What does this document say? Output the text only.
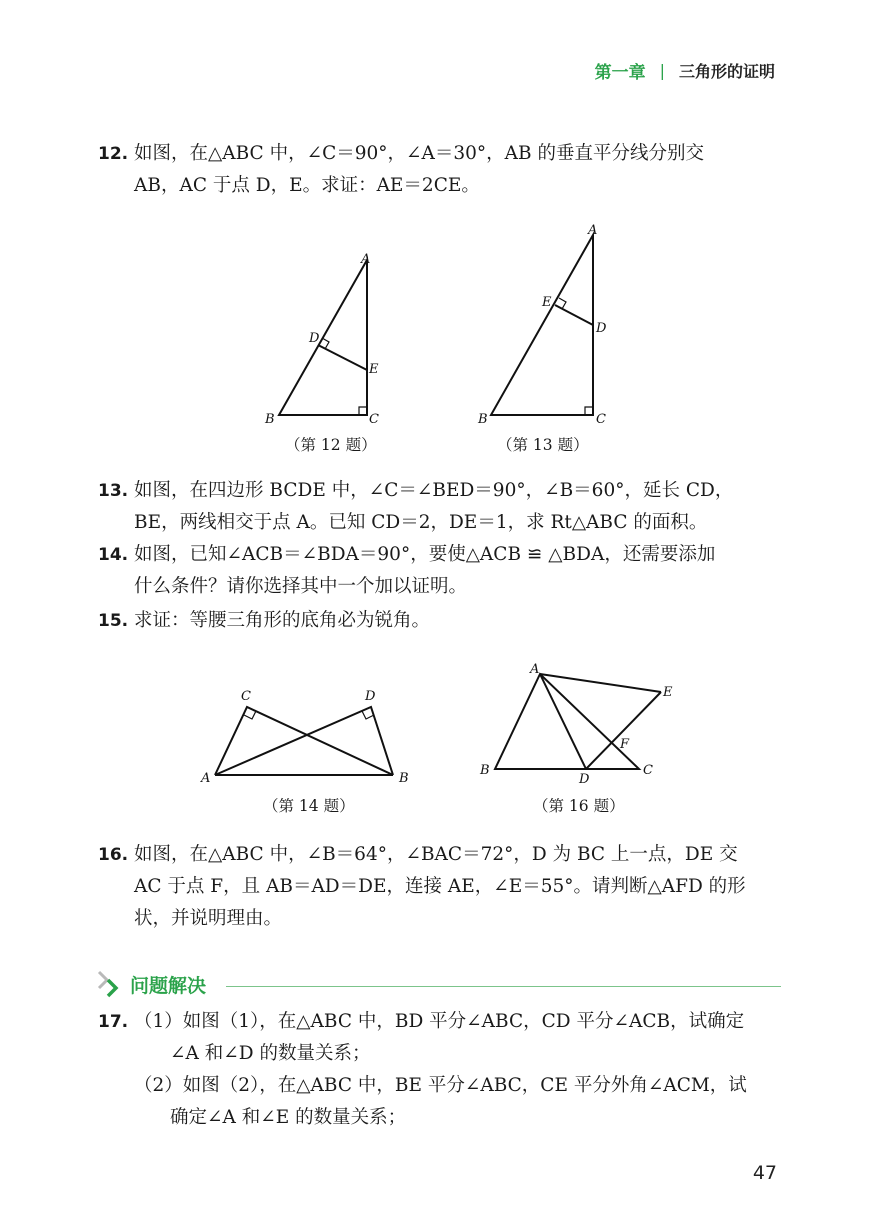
第一章 | 三角形的证明
12. 如图，在△ABC 中，∠C＝90°，∠A＝30°，AB 的垂直平分线分别交
AB，AC 于点 D，E。求证：AE＝2CE。
A
B	C
D
E
（第 12 题）
A
B	C
D
E
（第 13 题）
13. 如图，在四边形 BCDE 中，∠C＝∠BED＝90°，∠B＝60°，延长 CD，
BE，两线相交于点 A。已知 CD＝2，DE＝1，求 Rt△ABC 的面积。
14. 如图，已知∠ACB＝∠BDA＝90°，要使△ACB ≌ △BDA，还需要添加
什么条件？请你选择其中一个加以证明。
15. 求证：等腰三角形的底角必为锐角。
C	D
A	B
（第 14 题）
A
B	C
D
E
F
（第 16 题）
16. 如图，在△ABC 中，∠B＝64°，∠BAC＝72°，D 为 BC 上一点，DE 交
AC 于点 F，且 AB＝AD＝DE，连接 AE，∠E＝55°。请判断△AFD 的形
状，并说明理由。
问题解决
17. （1）如图（1），在△ABC 中，BD 平分∠ABC，CD 平分∠ACB，试确定
∠A 和∠D 的数量关系；
（2）如图（2），在△ABC 中，BE 平分∠ABC，CE 平分外角∠ACM，试
确定∠A 和∠E 的数量关系；
47
